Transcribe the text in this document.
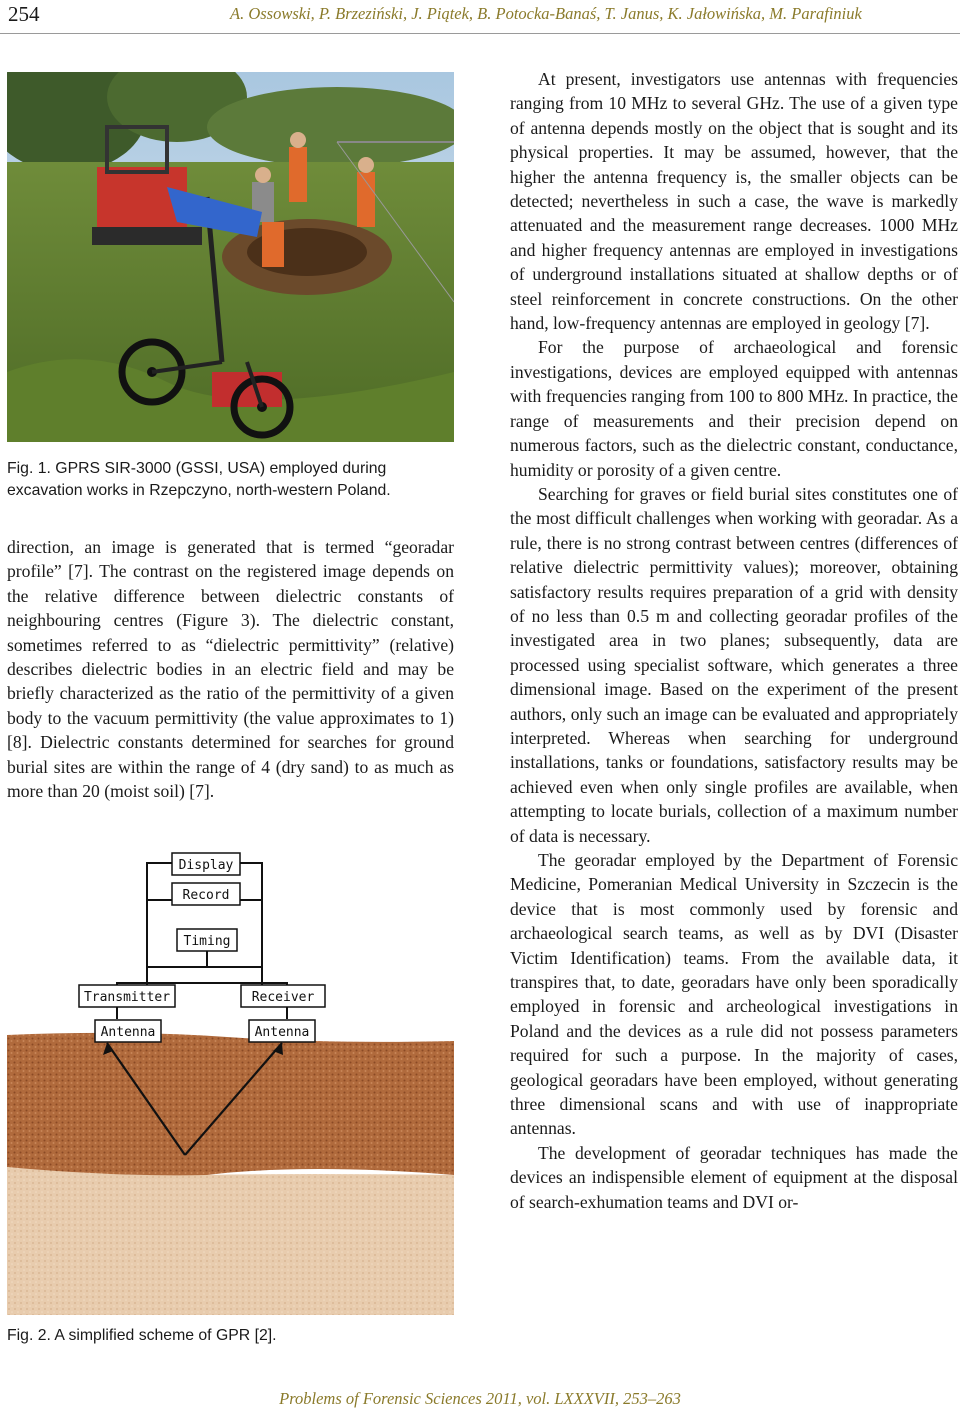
254	A. Ossowski, P. Brzeziński, J. Piątek, B. Potocka-Banaś, T. Janus, K. Jałowińska, M. Parafiniuk
Fig. 1. GPRS SIR-3000 (GSSI, USA) employed during excavation works in Rzepczyno, north-western Poland.

direction, an image is generated that is termed “georadar profile” [7]. The contrast on the registered image depends on the relative difference between dielectric constants of neighbouring centres (Figure 3). The dielectric constant, sometimes referred to as “dielectric permittivity” (relative) describes dielectric bodies in an electric field and may be briefly characterized as the ratio of the permittivity of a given body to the vacuum permittivity (the value approximates to 1) [8]. Dielectric constants determined for searches for ground burial sites are within the range of 4 (dry sand) to as much as more than 20 (moist soil) [7].

Display
Record
Timing
Transmitter	Receiver
Antenna	Antenna
Fig. 2. A simplified scheme of GPR [2].

At present, investigators use antennas with frequencies ranging from 10 MHz to several GHz. The use of a given type of antenna depends mostly on the object that is sought and its physical properties. It may be assumed, however, that the higher the antenna frequency is, the smaller objects can be detected; nevertheless in such a case, the wave is markedly attenuated and the measurement range decreases. 1000 MHz and higher frequency antennas are employed in investigations of underground installations situated at shallow depths or of steel reinforcement in concrete constructions. On the other hand, low-frequency antennas are employed in geology [7].

For the purpose of archaeological and forensic investigations, devices are employed equipped with antennas with frequencies ranging from 100 to 800 MHz. In practice, the range of measurements and their precision depend on numerous factors, such as the dielectric constant, conductance, humidity or porosity of a given centre.

Searching for graves or field burial sites constitutes one of the most difficult challenges when working with georadar. As a rule, there is no strong contrast between centres (differences of relative dielectric permittivity values); moreover, obtaining satisfactory results requires preparation of a grid with density of no less than 0.5 m and collecting georadar profiles of the investigated area in two planes; subsequently, data are processed using specialist software, which generates a three dimensional image. Based on the experiment of the present authors, only such an image can be evaluated and appropriately interpreted. Whereas when searching for underground installations, tanks or foundations, satisfactory results may be achieved even when only single profiles are available, when attempting to locate burials, collection of a maximum number of data is necessary.

The georadar employed by the Department of Forensic Medicine, Pomeranian Medical University in Szczecin is the device that is most commonly used by forensic and archaeological search teams, as well as by DVI (Disaster Victim Identification) teams. From the available data, it transpires that, to date, georadars have only been sporadically employed in forensic and archeological investigations in Poland and the devices as a rule did not possess parameters required for such a purpose. In the majority of cases, geological georadars have been employed, without generating three dimensional scans and with use of inappropriate antennas.

The development of georadar techniques has made the devices an indispensible element of equipment at the disposal of search-exhumation teams and DVI or-

Problems of Forensic Sciences 2011, vol. LXXXVII, 253–263
